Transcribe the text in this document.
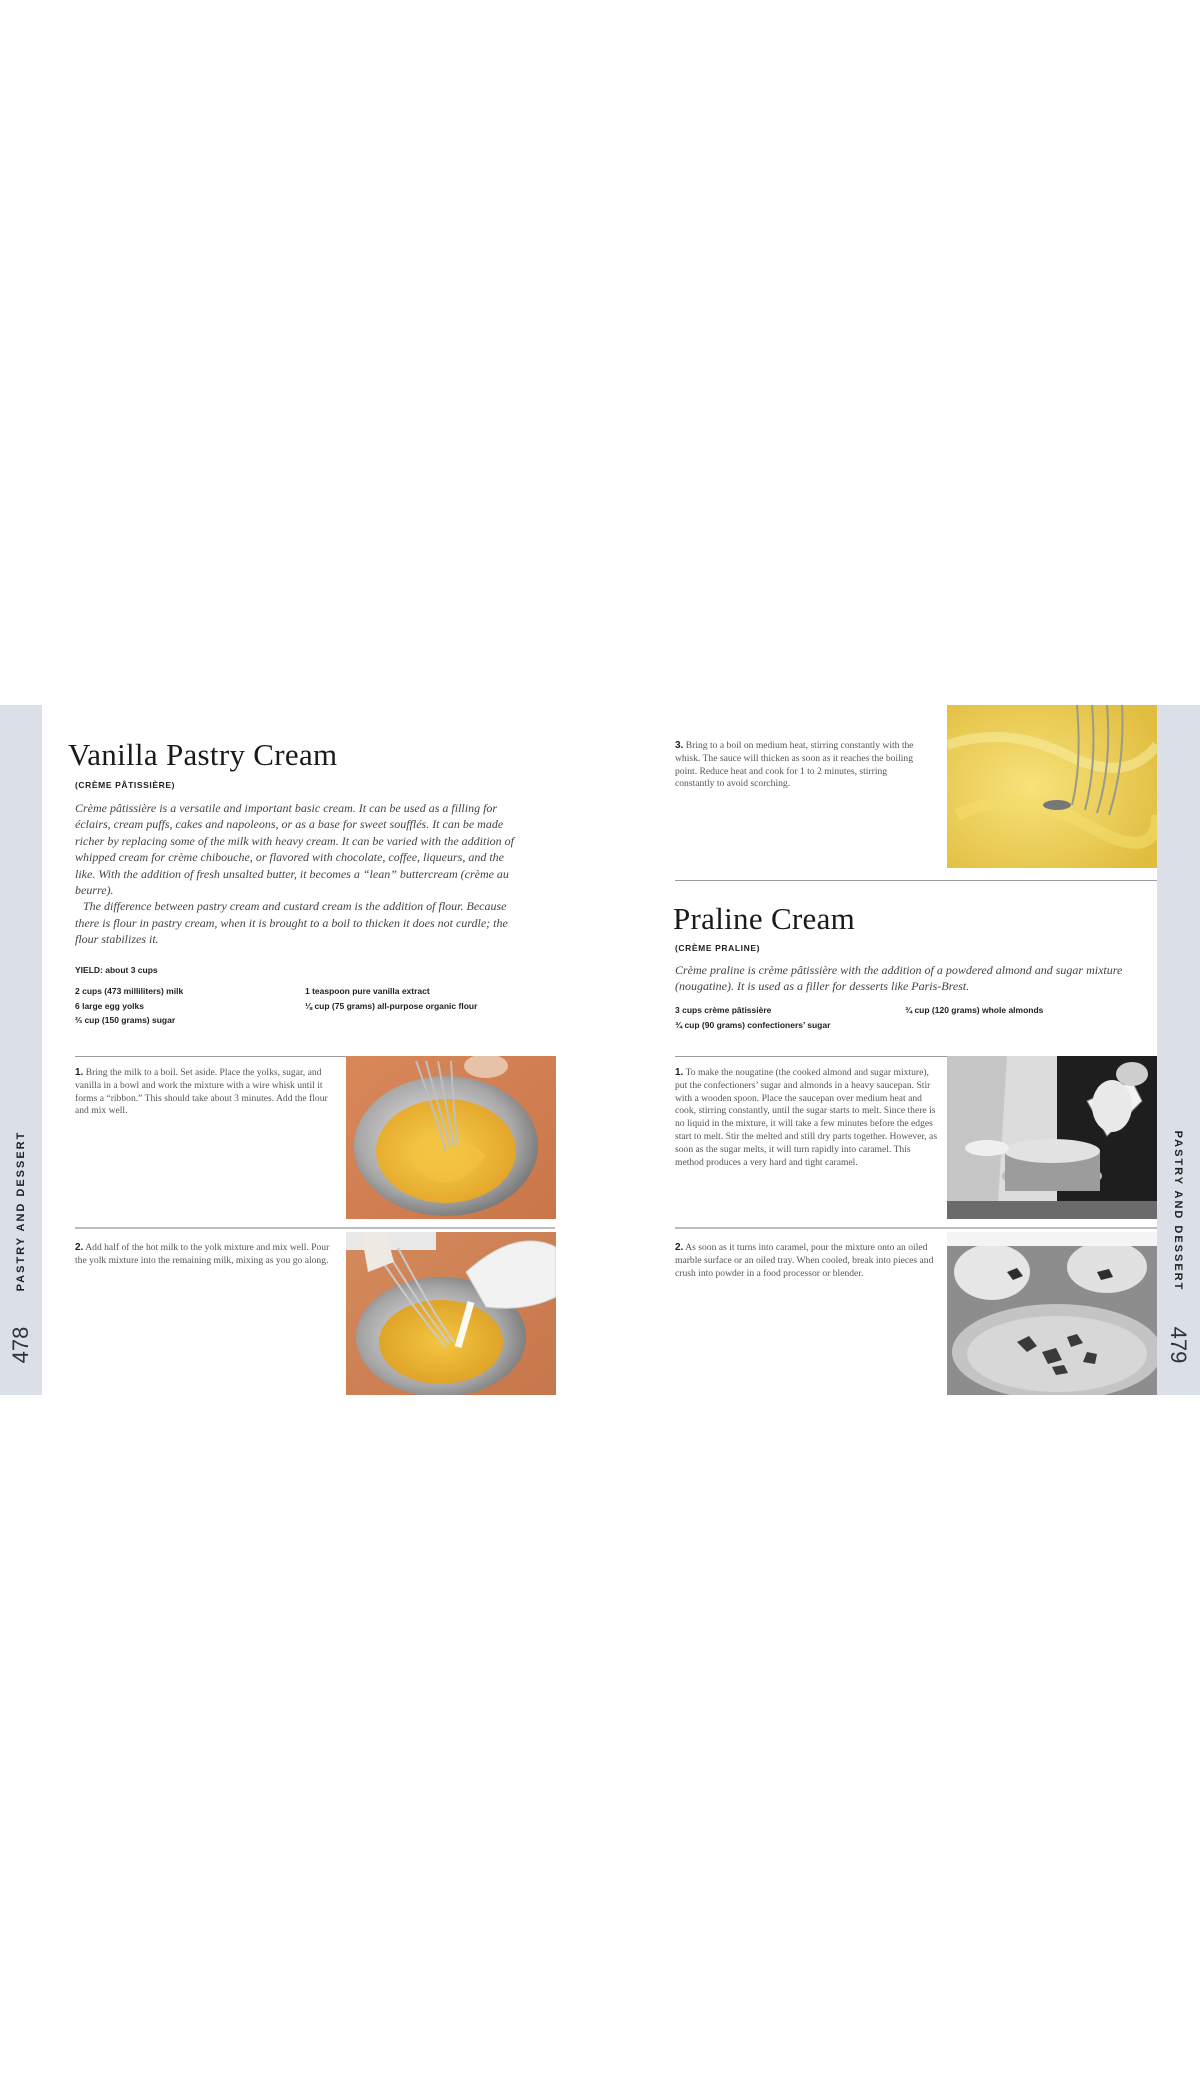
PASTRY AND DESSERT
478
Vanilla Pastry Cream
(CRÈME PÂTISSIÈRE)
Crème pâtissière is a versatile and important basic cream. It can be used as a filling for éclairs, cream puffs, cakes and napoleons, or as a base for sweet soufflés. It can be made richer by replacing some of the milk with heavy cream. It can be varied with the addition of whipped cream for crème chibouche, or flavored with chocolate, coffee, liqueurs, and the like. With the addition of fresh unsalted butter, it becomes a “lean” buttercream (crème au beurre).
The difference between pastry cream and custard cream is the addition of flour. Because there is flour in pastry cream, when it is brought to a boil to thicken it does not curdle; the flour stabilizes it.
YIELD: about 3 cups
2 cups (473 milliliters) milk
6 large egg yolks
⅔ cup (150 grams) sugar
1 teaspoon pure vanilla extract
⅛ cup (75 grams) all-purpose organic flour
1. Bring the milk to a boil. Set aside. Place the yolks, sugar, and vanilla in a bowl and work the mixture with a wire whisk until it forms a “ribbon.” This should take about 3 minutes. Add the flour and mix well.
2. Add half of the hot milk to the yolk mixture and mix well. Pour the yolk mixture into the remaining milk, mixing as you go along.
3. Bring to a boil on medium heat, stirring constantly with the whisk. The sauce will thicken as soon as it reaches the boiling point. Reduce heat and cook for 1 to 2 minutes, stirring constantly to avoid scorching.
Praline Cream
(CRÈME PRALINE)
Crème praline is crème pâtissière with the addition of a powdered almond and sugar mixture (nougatine). It is used as a filler for desserts like Paris-Brest.
3 cups crème pâtissière
¾ cup (90 grams) confectioners’ sugar
¾ cup (120 grams) whole almonds
1. To make the nougatine (the cooked almond and sugar mixture), put the confectioners’ sugar and almonds in a heavy saucepan. Stir with a wooden spoon. Place the saucepan over medium heat and cook, stirring constantly, until the sugar starts to melt. Since there is no liquid in the mixture, it will take a few minutes before the edges start to melt. Stir the melted and still dry parts together. However, as soon as the sugar melts, it will turn rapidly into caramel. This method produces a very hard and tight caramel.
2. As soon as it turns into caramel, pour the mixture onto an oiled marble surface or an oiled tray. When cooled, break into pieces and crush into powder in a food processor or blender.	PASTRY AND DESSERT
479
